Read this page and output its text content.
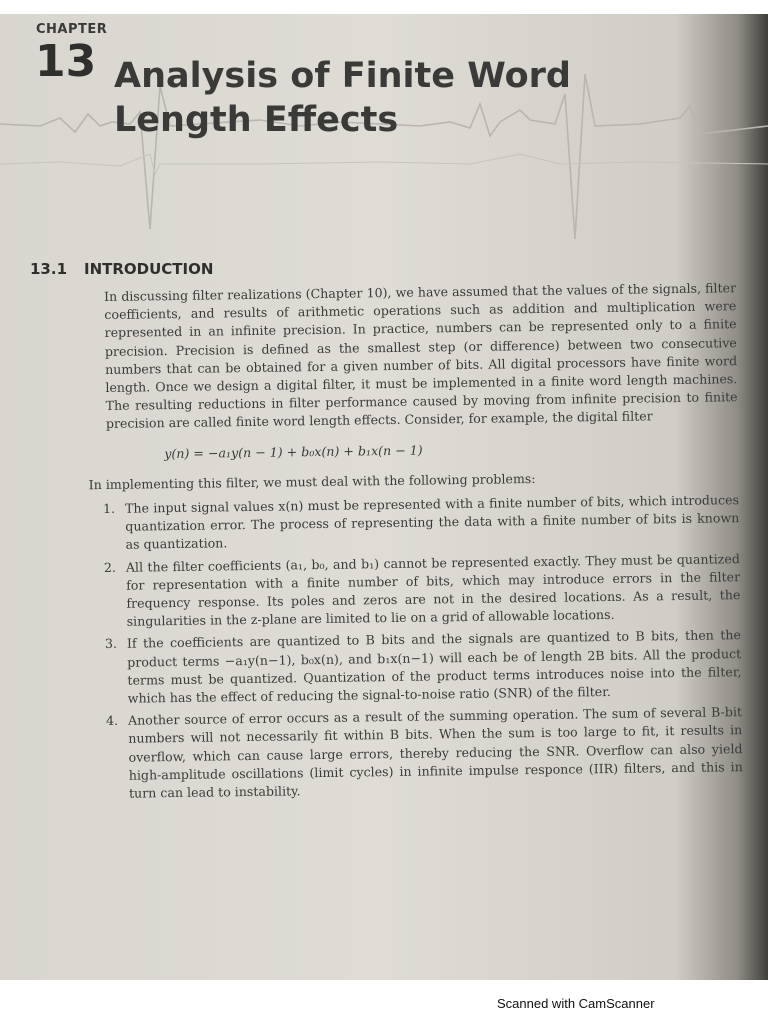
CHAPTER
13 Analysis of Finite Word
Length Effects
13.1 INTRODUCTION

In discussing filter realizations (Chapter 10), we have assumed that the values of the signals, filter coefficients, and results of arithmetic operations such as addition and multiplication were represented in an infinite precision. In practice, numbers can be represented only to a finite precision. Precision is defined as the smallest step (or difference) between two consecutive numbers that can be obtained for a given number of bits. All digital processors have finite word length. Once we design a digital filter, it must be implemented in a finite word length machines. The resulting reductions in filter performance caused by moving from infinite precision to finite precision are called finite word length effects. Consider, for example, the digital filter

y(n) = −a₁y(n − 1) + b₀x(n) + b₁x(n − 1)

In implementing this filter, we must deal with the following problems:

1. The input signal values x(n) must be represented with a finite number of bits, which introduces quantization error. The process of representing the data with a finite number of bits is known as quantization.
2. All the filter coefficients (a₁, b₀, and b₁) cannot be represented exactly. They must be quantized for representation with a finite number of bits, which may introduce errors in the filter frequency response. Its poles and zeros are not in the desired locations. As a result, the singularities in the z-plane are limited to lie on a grid of allowable locations.
3. If the coefficients are quantized to B bits and the signals are quantized to B bits, then the product terms −a₁y(n−1), b₀x(n), and b₁x(n−1) will each be of length 2B bits. All the product terms must be quantized. Quantization of the product terms introduces noise into the filter, which has the effect of reducing the signal-to-noise ratio (SNR) of the filter.
4. Another source of error occurs as a result of the summing operation. The sum of several B-bit numbers will not necessarily fit within B bits. When the sum is too large to fit, it results in overflow, which can cause large errors, thereby reducing the SNR. Overflow can also yield high-amplitude oscillations (limit cycles) in infinite impulse responce (IIR) filters, and this in turn can lead to instability.
Scanned with CamScanner
